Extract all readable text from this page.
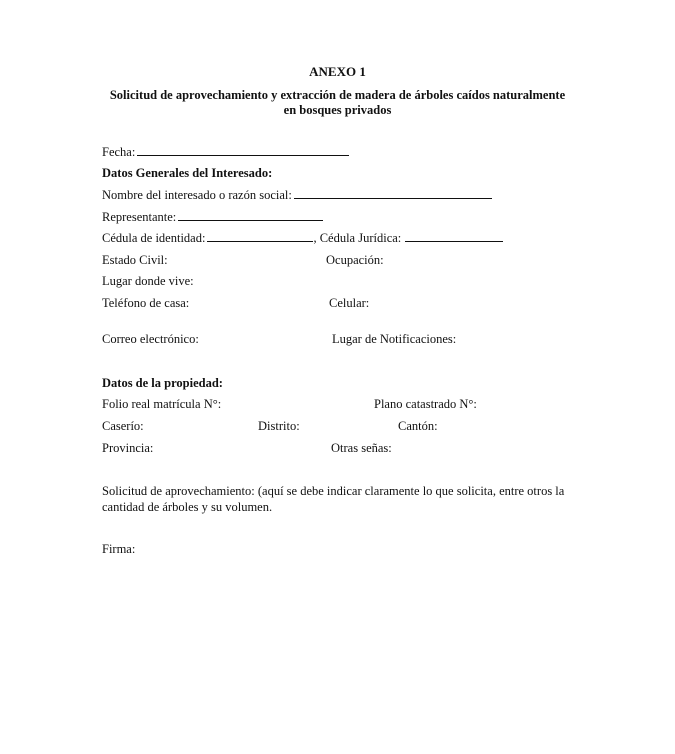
ANEXO 1
Solicitud de aprovechamiento y extracción de madera de árboles caídos naturalmente
en bosques privados
Fecha:
Datos Generales del Interesado:
Nombre del interesado o razón social:
Representante:
Cédula de identidad:	, Cédula Jurídica:
Estado Civil:	Ocupación:
Lugar donde vive:
Teléfono de casa:	Celular:
Correo electrónico:	Lugar de Notificaciones:
Datos de la propiedad:
Folio real matrícula N°:	Plano catastrado N°:
Caserío:	Distrito:	Cantón:
Provincia:	Otras señas:
Solicitud de aprovechamiento: (aquí se debe indicar claramente lo que solicita, entre otros la cantidad de árboles y su volumen.
Firma:
